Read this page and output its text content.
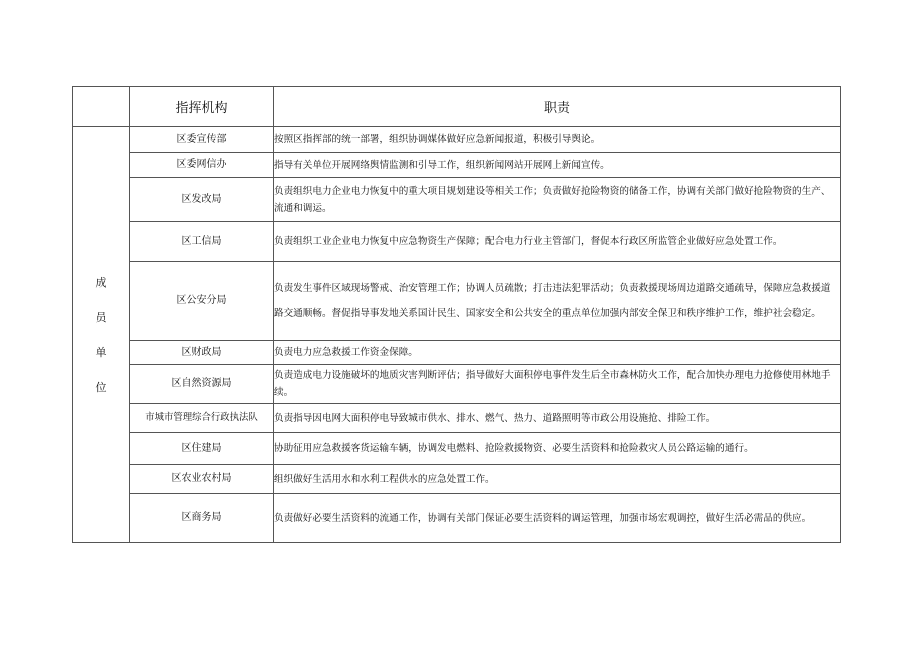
	指挥机构	职责

成
员
单
位	区委宣传部	按照区指挥部的统一部署，组织协调媒体做好应急新闻报道，积极引导舆论。
	区委网信办	指导有关单位开展网络舆情监测和引导工作，组织新闻网站开展网上新闻宣传。
	区发改局	负责组织电力企业电力恢复中的重大项目规划建设等相关工作；负责做好抢险物资的储备工作，协调有关部门做好抢险物资的生产、流通和调运。
	区工信局	负责组织工业企业电力恢复中应急物资生产保障；配合电力行业主管部门，督促本行政区所监管企业做好应急处置工作。
	区公安分局	负责发生事件区域现场警戒、治安管理工作；协调人员疏散；打击违法犯罪活动；负责救援现场周边道路交通疏导，保障应急救援道路交通顺畅。督促指导事发地关系国计民生、国家安全和公共安全的重点单位加强内部安全保卫和秩序维护工作，维护社会稳定。
	区财政局	负责电力应急救援工作资金保障。
	区自然资源局	负责造成电力设施破坏的地质灾害判断评估；指导做好大面积停电事件发生后全市森林防火工作，配合加快办理电力抢修使用林地手续。
	市城市管理综合行政执法队	负责指导因电网大面积停电导致城市供水、排水、燃气、热力、道路照明等市政公用设施抢、排险工作。
	区住建局	协助征用应急救援客货运输车辆，协调发电燃料、抢险救援物资、必要生活资料和抢险救灾人员公路运输的通行。
	区农业农村局	组织做好生活用水和水利工程供水的应急处置工作。
	区商务局	负责做好必要生活资料的流通工作，协调有关部门保证必要生活资料的调运管理，加强市场宏观调控，做好生活必需品的供应。
